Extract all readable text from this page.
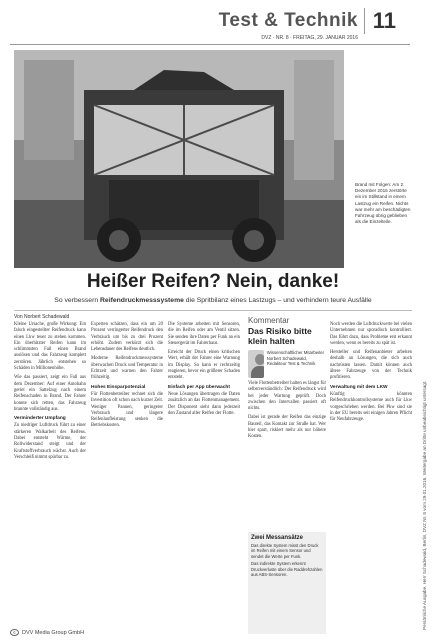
Test & Technik 11
DVZ · NR. 8 · FREITAG, 29. JANUAR 2016
Brand mit Folgen: Am 2. Dezember 2015 zerstörte ein im Stillstand in einem Lastzug ein Reifen. Nichts war mehr am beschädigten Fahrzeug übrig geblieben als die Einzelteile.
Heißer Reifen? Nein, danke!
So verbessern Reifendruckmesssysteme die Spritbilanz eines Lastzugs – und verhindern teure Ausfälle
Von Norbert Schadewald

Kleine Ursache, große Wirkung: Ein falsch eingestellter Reifendruck kann einen Lkw teuer zu stehen kommen. Ein überhitzter Reifen kann im schlimmsten Fall einen Brand auslösen und das Fahrzeug komplett zerstören. Jährlich entstehen so Schäden in Millionenhöhe.

Wie das passiert, zeigt ein Fall aus dem Dezember: Auf einer Autobahn geriet ein Sattelzug nach einem Reifenschaden in Brand. Der Fahrer konnte sich retten, das Fahrzeug brannte vollständig aus.

Verminderter Umpfang

Zu niedriger Luftdruck führt zu einer stärkeren Walkarbeit des Reifens. Dabei entsteht Wärme, der Rollwiderstand steigt und der Kraftstoffverbrauch wächst. Auch der Verschleiß nimmt spürbar zu.

Experten schätzen, dass ein um 20 Prozent verringerter Reifendruck den Verbrauch um bis zu drei Prozent erhöht. Zudem verkürzt sich die Lebensdauer des Reifens deutlich.

Moderne Reifendruckmesssysteme überwachen Druck und Temperatur in Echtzeit und warnen den Fahrer frühzeitig.

Hohes Einsparpotenzial

Für Flottenbetreiber rechnet sich die Investition oft schon nach kurzer Zeit. Weniger Pannen, geringerer Verbrauch und längere Reifenlaufleistung senken die Betriebskosten.

Die Systeme arbeiten mit Sensoren, die im Reifen oder am Ventil sitzen. Sie senden ihre Daten per Funk an ein Steuergerät im Fahrerhaus.

Erreicht der Druck einen kritischen Wert, erhält der Fahrer eine Warnung im Display. So kann er rechtzeitig reagieren, bevor ein größerer Schaden entsteht.

Einfach per App überwacht

Neue Lösungen übertragen die Daten zusätzlich an das Flottenmanagement. Der Disponent sieht dann jederzeit den Zustand aller Reifen der Flotte.

Kommentar
Das Risiko bitte klein halten
Wissenschaftlicher Mitarbeiter
Norbert Schadewald, Redakteur Test & Technik

Viele Flottenbetreiber halten es längst für selbstverständlich: Der Reifendruck wird bei jeder Wartung geprüft. Doch zwischen den Intervallen passiert oft nichts.

Dabei ist gerade der Reifen das einzige Bauteil, das Kontakt zur Straße hat. Wer hier spart, riskiert mehr als nur höhere Kosten.

Zwei Messansätze
Das direkte System misst den Druck im Reifen mit einem Sensor und sendet die Werte per Funk.
Das indirekte System erkennt Druckverluste über die Raddrehzahlen aus ABS-Sensoren.

Noch werden die Luftdruckwerte bei vielen Unternehmen nur sporadisch kontrolliert. Das führt dazu, dass Probleme erst erkannt werden, wenn es bereits zu spät ist.

Hersteller und Reifenanbieter arbeiten deshalb an Lösungen, die sich auch nachrüsten lassen. Damit können auch ältere Fahrzeuge von der Technik profitieren.

Verwaltung mit dem LKW

Künftig könnten Reifendruckkontrollsysteme auch für Lkw vorgeschrieben werden. Bei Pkw sind sie in der EU bereits seit einigen Jahren Pflicht für Neufahrzeuge.	Persönliche Ausgabe. Herr Schadewald, Berlin, DVZ Nr. 8 vom 29.01.2016. Weitergabe an Dritte unbeabsichtigt untersagt.
©	DVV Media Group GmbH
